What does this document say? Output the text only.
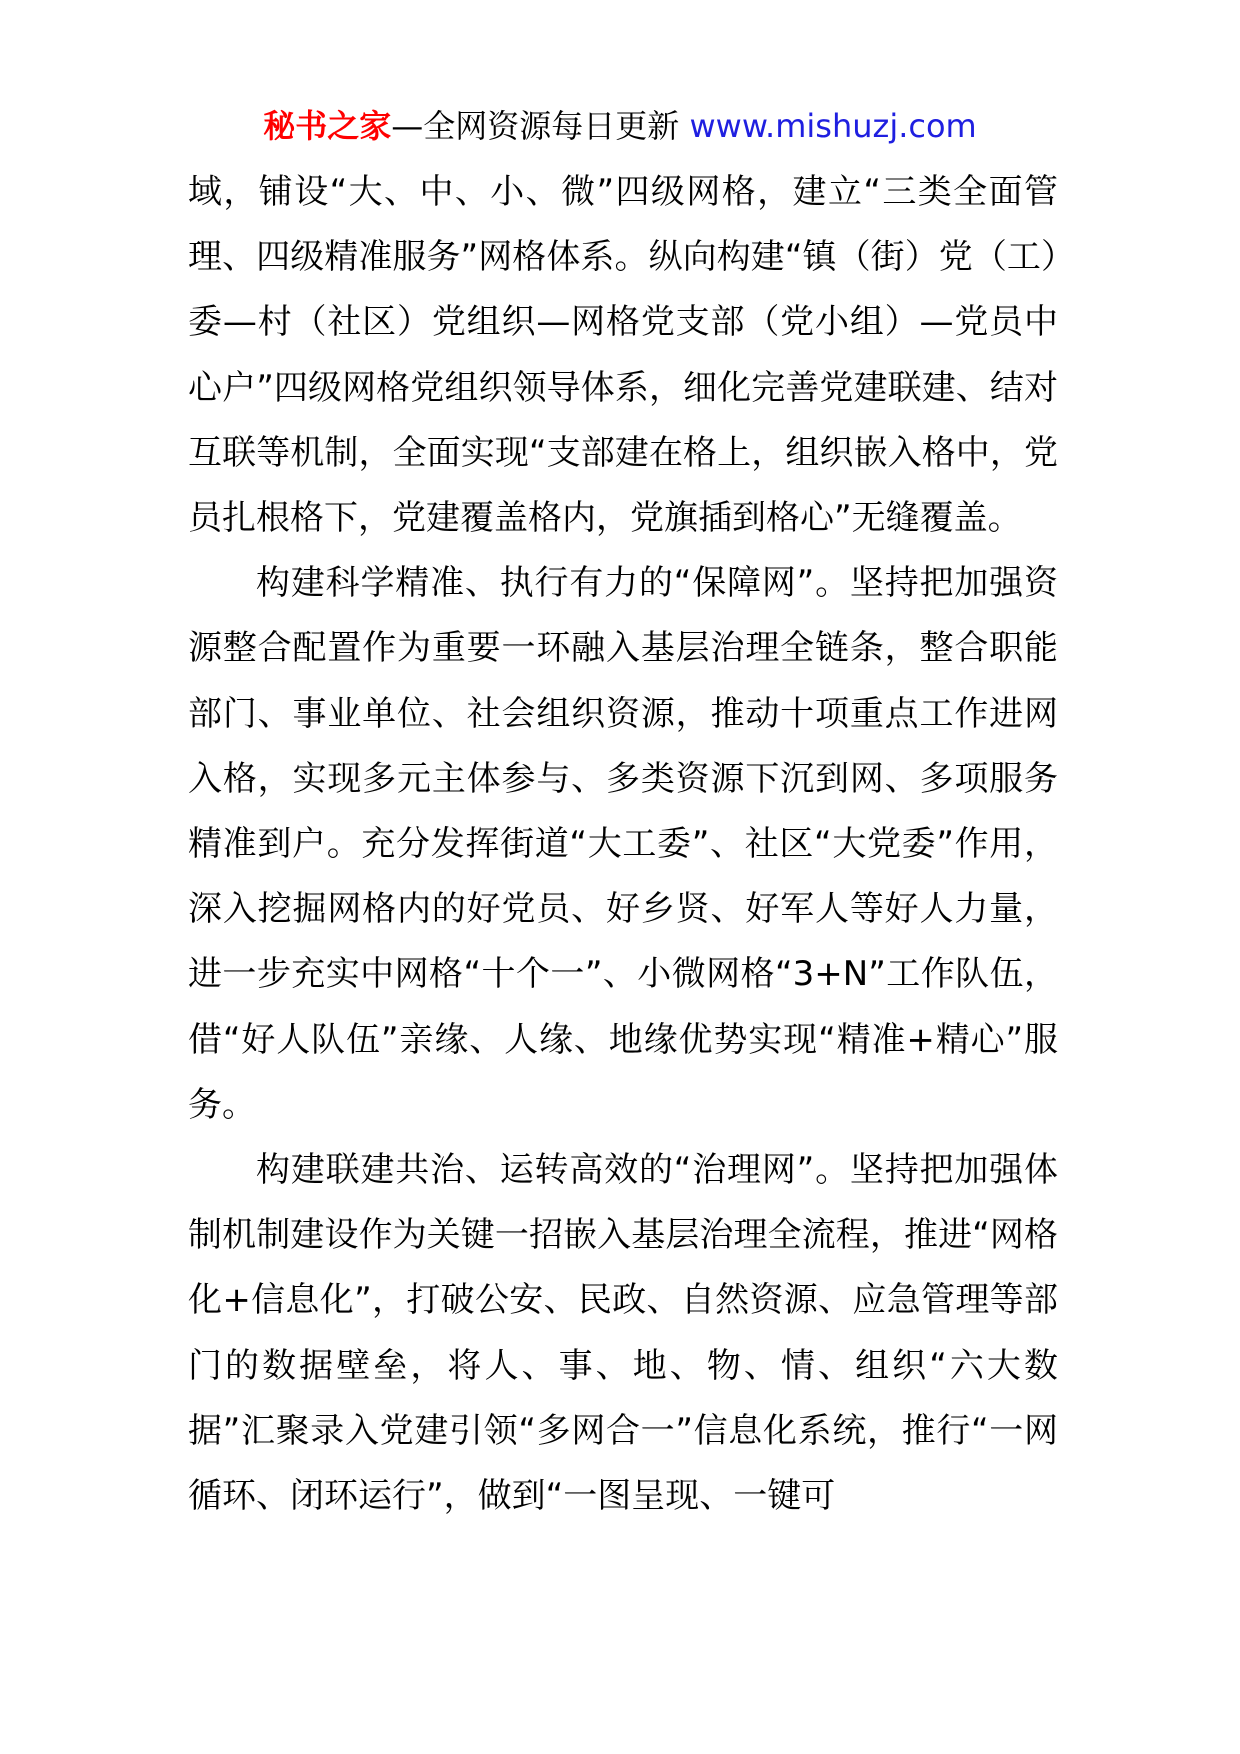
秘书之家—全网资源每日更新 www.mishuzj.com

域，铺设“大、中、小、微”四级网格，建立“三类全面管理、四级精准服务”网格体系。纵向构建“镇（街）党（工）委—村（社区）党组织—网格党支部（党小组）—党员中心户”四级网格党组织领导体系，细化完善党建联建、结对互联等机制，全面实现“支部建在格上，组织嵌入格中，党员扎根格下，党建覆盖格内，党旗插到格心”无缝覆盖。

构建科学精准、执行有力的“保障网”。坚持把加强资源整合配置作为重要一环融入基层治理全链条，整合职能部门、事业单位、社会组织资源，推动十项重点工作进网入格，实现多元主体参与、多类资源下沉到网、多项服务精准到户。充分发挥街道“大工委”、社区“大党委”作用，深入挖掘网格内的好党员、好乡贤、好军人等好人力量，进一步充实中网格“十个一”、小微网格“3+N”工作队伍，借“好人队伍”亲缘、人缘、地缘优势实现“精准+精心”服务。

构建联建共治、运转高效的“治理网”。坚持把加强体制机制建设作为关键一招嵌入基层治理全流程，推进“网格化+信息化”，打破公安、民政、自然资源、应急管理等部门的数据壁垒，将人、事、地、物、情、组织“六大数据”汇聚录入党建引领“多网合一”信息化系统，推行“一网循环、闭环运行”，做到“一图呈现、一键可
